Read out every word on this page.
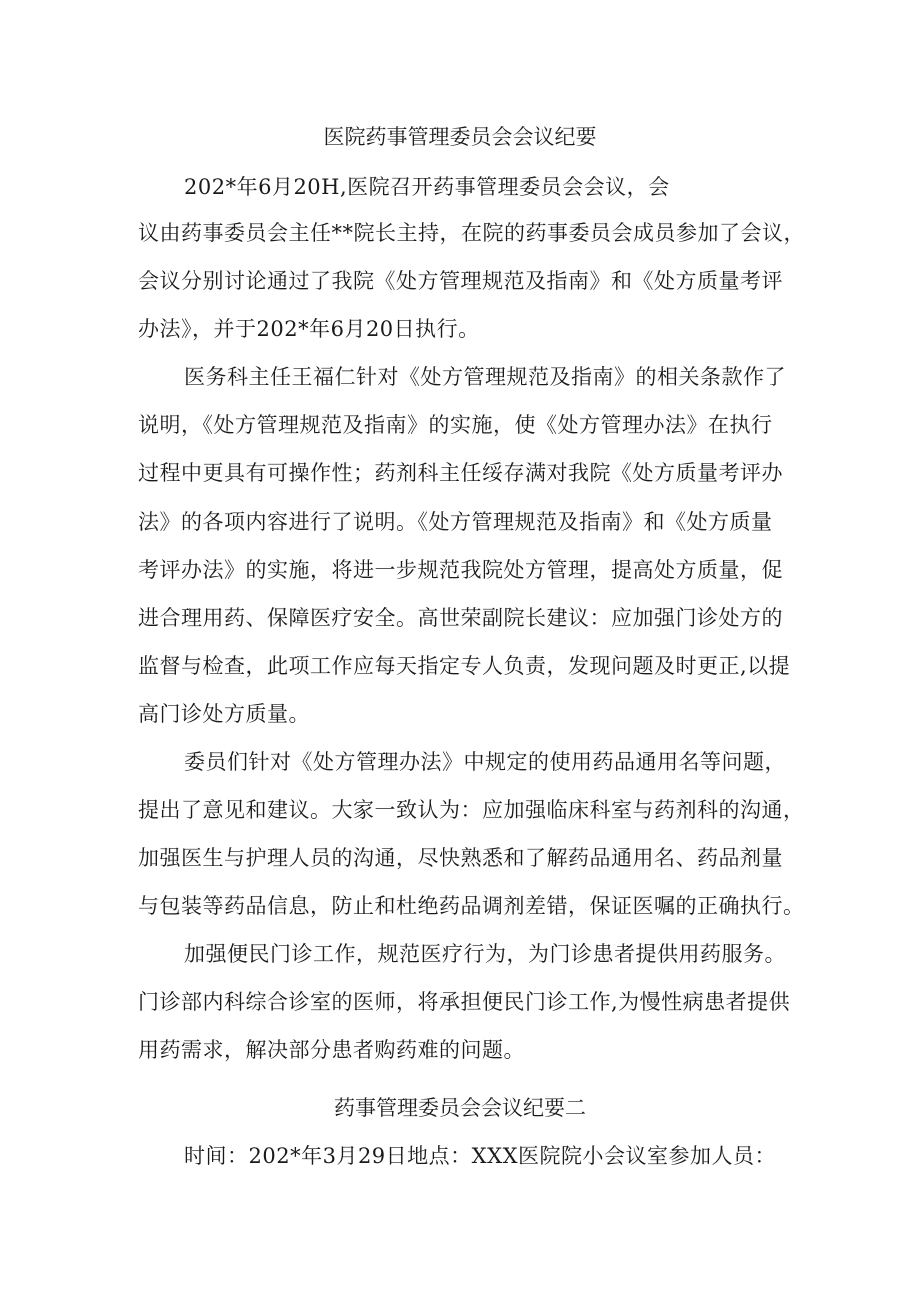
医院药事管理委员会会议纪要
202*年6月20H,医院召开药事管理委员会会议，会
议由药事委员会主任**院长主持，在院的药事委员会成员参加了会议，
会议分别讨论通过了我院《处方管理规范及指南》和《处方质量考评
办法》，并于202*年6月20日执行。
医务科主任王福仁针对《处方管理规范及指南》的相关条款作了
说明，《处方管理规范及指南》的实施，使《处方管理办法》在执行
过程中更具有可操作性；药剂科主任绥存满对我院《处方质量考评办
法》的各项内容进行了说明。《处方管理规范及指南》和《处方质量
考评办法》的实施，将进一步规范我院处方管理，提高处方质量，促
进合理用药、保障医疗安全。高世荣副院长建议：应加强门诊处方的
监督与检查，此项工作应每天指定专人负责，发现问题及时更正,以提
高门诊处方质量。
委员们针对《处方管理办法》中规定的使用药品通用名等问题，
提出了意见和建议。大家一致认为：应加强临床科室与药剂科的沟通，
加强医生与护理人员的沟通，尽快熟悉和了解药品通用名、药品剂量
与包装等药品信息，防止和杜绝药品调剂差错，保证医嘱的正确执行。
加强便民门诊工作，规范医疗行为，为门诊患者提供用药服务。
门诊部内科综合诊室的医师，将承担便民门诊工作,为慢性病患者提供
用药需求，解决部分患者购药难的问题。
药事管理委员会会议纪要二
时间：202*年3月29日地点：XXX医院院小会议室参加人员：
